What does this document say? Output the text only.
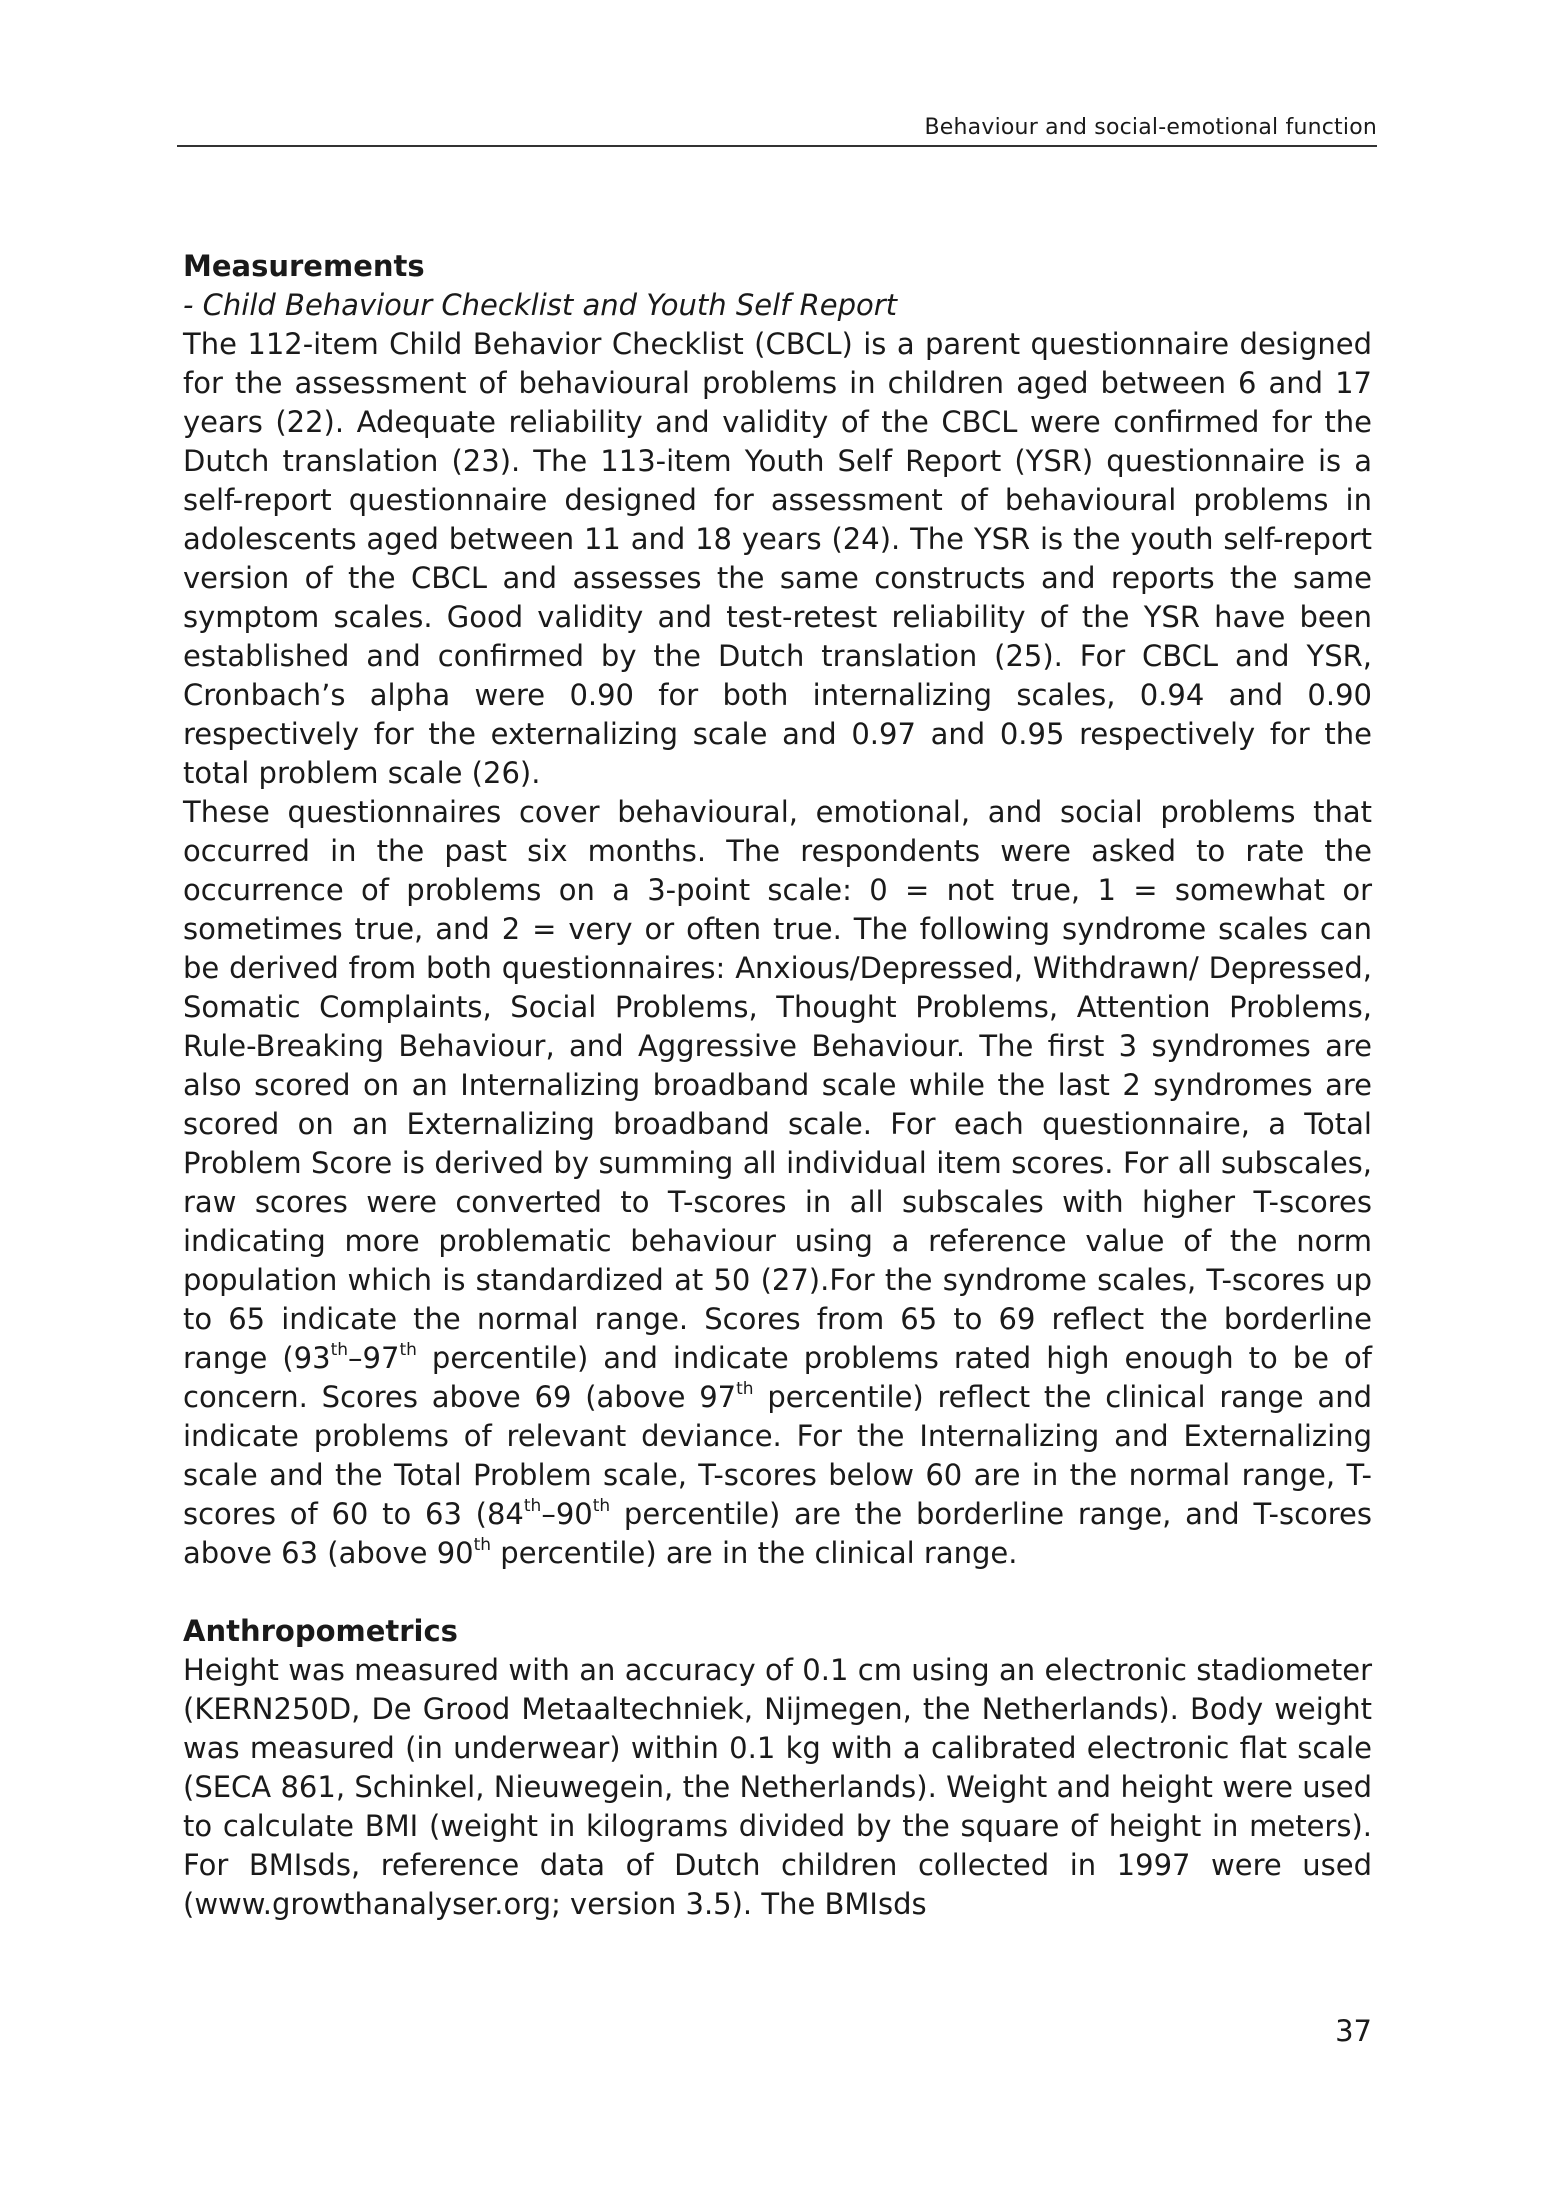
Behaviour and social-emotional function

Measurements

- Child Behaviour Checklist and Youth Self Report

The 112-item Child Behavior Checklist (CBCL) is a parent questionnaire designed for the assessment of behavioural problems in children aged between 6 and 17 years (22). Adequate reliability and validity of the CBCL were confirmed for the Dutch translation (23). The 113-item Youth Self Report (YSR) questionnaire is a self-report questionnaire designed for assessment of behavioural problems in adolescents aged between 11 and 18 years (24). The YSR is the youth self-report version of the CBCL and assesses the same constructs and reports the same symptom scales. Good validity and test-retest reliability of the YSR have been established and confirmed by the Dutch translation (25). For CBCL and YSR, Cronbach’s alpha were 0.90 for both internalizing scales, 0.94 and 0.90 respectively for the externalizing scale and 0.97 and 0.95 respectively for the total problem scale (26).

These questionnaires cover behavioural, emotional, and social problems that occurred in the past six months. The respondents were asked to rate the occurrence of problems on a 3-point scale: 0 = not true, 1 = somewhat or sometimes true, and 2 = very or often true. The following syndrome scales can be derived from both questionnaires: Anxious/Depressed, Withdrawn/ Depressed, Somatic Complaints, Social Problems, Thought Problems, Attention Problems, Rule-Breaking Behaviour, and Aggressive Behaviour. The first 3 syndromes are also scored on an Internalizing broadband scale while the last 2 syndromes are scored on an Externalizing broadband scale. For each questionnaire, a Total Problem Score is derived by summing all individual item scores. For all subscales, raw scores were converted to T-scores in all subscales with higher T-scores indicating more problematic behaviour using a reference value of the norm population which is standardized at 50 (27).For the syndrome scales, T-scores up to 65 indicate the normal range. Scores from 65 to 69 reflect the borderline range (93th–97th percentile) and indicate problems rated high enough to be of concern. Scores above 69 (above 97th percentile) reflect the clinical range and indicate problems of relevant deviance. For the Internalizing and Externalizing scale and the Total Problem scale, T-scores below 60 are in the normal range, T-scores of 60 to 63 (84th–90th percentile) are the borderline range, and T-scores above 63 (above 90th percentile) are in the clinical range.

Anthropometrics

Height was measured with an accuracy of 0.1 cm using an electronic stadiometer (KERN250D, De Grood Metaaltechniek, Nijmegen, the Netherlands). Body weight was measured (in underwear) within 0.1 kg with a calibrated electronic flat scale (SECA 861, Schinkel, Nieuwegein, the Netherlands). Weight and height were used to calculate BMI (weight in kilograms divided by the square of height in meters). For BMIsds, reference data of Dutch children collected in 1997 were used (www.growthanalyser.org; version 3.5). The BMIsds

37
